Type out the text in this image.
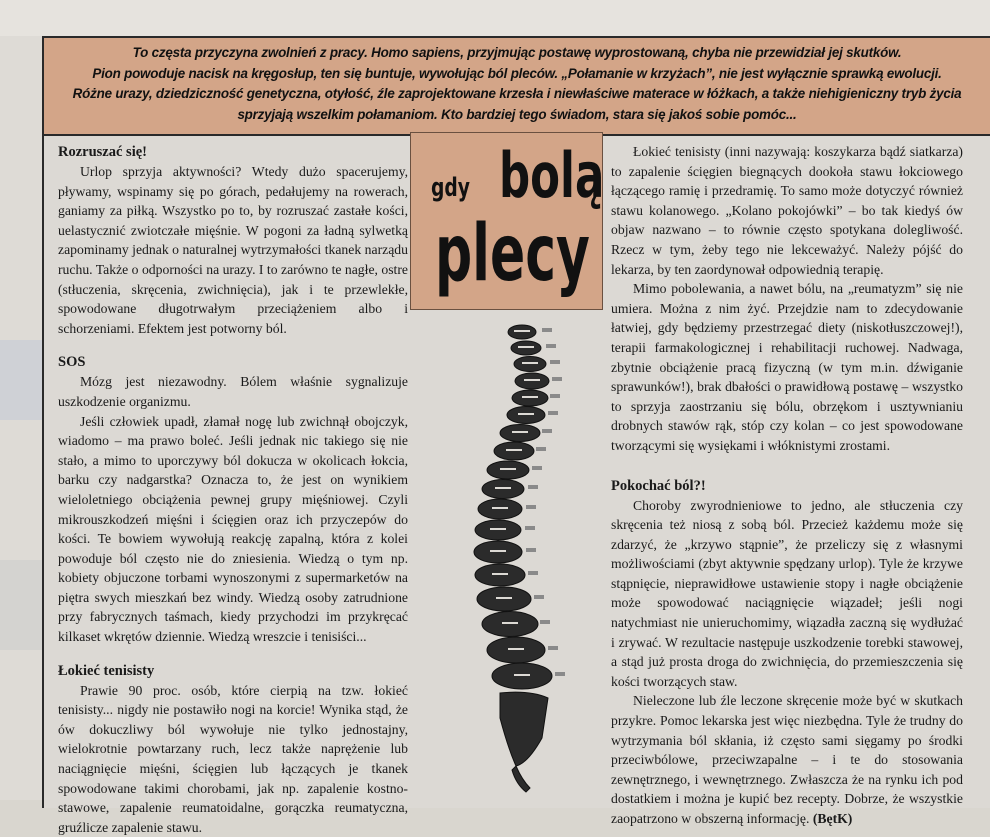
To częsta przyczyna zwolnień z pracy. Homo sapiens, przyjmując postawę wyprostowaną, chyba nie przewidział jej skutków.

Pion powoduje nacisk na kręgosłup, ten się buntuje, wywołując ból pleców. „Połamanie w krzyżach”, nie jest wyłącznie sprawką ewolucji.

Różne urazy, dziedziczność genetyczna, otyłość, źle zaprojektowane krzesła i niewłaściwe materace w łóżkach, a także niehigieniczny tryb życia

sprzyjają wszelkim połamaniom. Kto bardziej tego świadom, stara się jakoś sobie pomóc...

gdy bolą
plecy
Rozruszać się!

Urlop sprzyja aktywności? Wtedy dużo spacerujemy, pływamy, wspinamy się po górach, pedałujemy na rowerach, ganiamy za piłką. Wszystko po to, by rozruszać zastałe kości, uelastycznić zwiotczałe mięśnie. W pogoni za ładną sylwetką zapominamy jednak o naturalnej wytrzymałości tkanek narządu ruchu. Także o odporności na urazy. I to zarówno te nagłe, ostre (stłuczenia, skręcenia, zwichnięcia), jak i te przewlekłe, spowodowane długotrwałym przeciążeniem albo i schorzeniami. Efektem jest potworny ból.

SOS

Mózg jest niezawodny. Bólem właśnie sygnalizuje uszkodzenie organizmu.

Jeśli człowiek upadł, złamał nogę lub zwichnął obojczyk, wiadomo – ma prawo boleć. Jeśli jednak nic takiego się nie stało, a mimo to uporczywy ból dokucza w okolicach łokcia, barku czy nadgarstka? Oznacza to, że jest on wynikiem wieloletniego obciążenia pewnej grupy mięśniowej. Czyli mikrouszkodzeń mięśni i ścięgien oraz ich przyczepów do kości. Te bowiem wywołują reakcję zapalną, która z kolei powoduje ból często nie do zniesienia. Wiedzą o tym np. kobiety objuczone torbami wynoszonymi z supermarketów na piętra swych mieszkań bez windy. Wiedzą osoby zatrudnione przy fabrycznych taśmach, kiedy przychodzi im przykręcać kilkaset wkrętów dziennie. Wiedzą wreszcie i tenisiści...

Łokieć tenisisty

Prawie 90 proc. osób, które cierpią na tzw. łokieć tenisisty... nigdy nie postawiło nogi na korcie! Wynika stąd, że ów dokuczliwy ból wywołuje nie tylko jednostajny, wielokrotnie powtarzany ruch, lecz także naprężenie lub naciągnięcie mięśni, ścięgien lub łączących je tkanek spowodowane takimi chorobami, jak np. zapalenie kostno-stawowe, zapalenie reumatoidalne, gorączka reumatyczna, gruźlicze zapalenie stawu.

Łokieć tenisisty (inni nazywają: koszykarza bądź siatkarza) to zapalenie ścięgien biegnących dookoła stawu łokciowego łączącego ramię i przedramię. To samo może dotyczyć również stawu kolanowego. „Kolano pokojówki” – bo tak kiedyś ów objaw nazwano – to równie często spotykana dolegliwość. Rzecz w tym, żeby tego nie lekceważyć. Należy pójść do lekarza, by ten zaordynował odpowiednią terapię.

Mimo pobolewania, a nawet bólu, na „reumatyzm” się nie umiera. Można z nim żyć. Przejdzie nam to zdecydowanie łatwiej, gdy będziemy przestrzegać diety (niskotłuszczowej!), terapii farmakologicznej i rehabilitacji ruchowej. Nadwaga, zbytnie obciążenie pracą fizyczną (w tym m.in. dźwiganie sprawunków!), brak dbałości o prawidłową postawę – wszystko to sprzyja zaostrzaniu się bólu, obrzękom i usztywnianiu drobnych stawów rąk, stóp czy kolan – co jest spowodowane tworzącymi się wysiękami i włóknistymi zrostami.

Pokochać ból?!

Choroby zwyrodnieniowe to jedno, ale stłuczenia czy skręcenia też niosą z sobą ból. Przecież każdemu może się zdarzyć, że „krzywo stąpnie”, że przeliczy się z własnymi możliwościami (zbyt aktywnie spędzany urlop). Tyle że krzywe stąpnięcie, nieprawidłowe ustawienie stopy i nagłe obciążenie może spowodować naciągnięcie wiązadeł; jeśli nogi natychmiast nie unieruchomimy, wiązadła zaczną się wydłużać i zrywać. W rezultacie następuje uszkodzenie torebki stawowej, a stąd już prosta droga do zwichnięcia, do przemieszczenia się kości tworzących staw.

Nieleczone lub źle leczone skręcenie może być w skutkach przykre. Pomoc lekarska jest więc niezbędna. Tyle że trudny do wytrzymania ból skłania, iż często sami sięgamy po środki przeciwbólowe, przeciwzapalne – i te do stosowania zewnętrznego, i wewnętrznego. Zwłaszcza że na rynku ich pod dostatkiem i można je kupić bez recepty. Dobrze, że wszystkie zaopatrzono w obszerną informację. (BętK)
